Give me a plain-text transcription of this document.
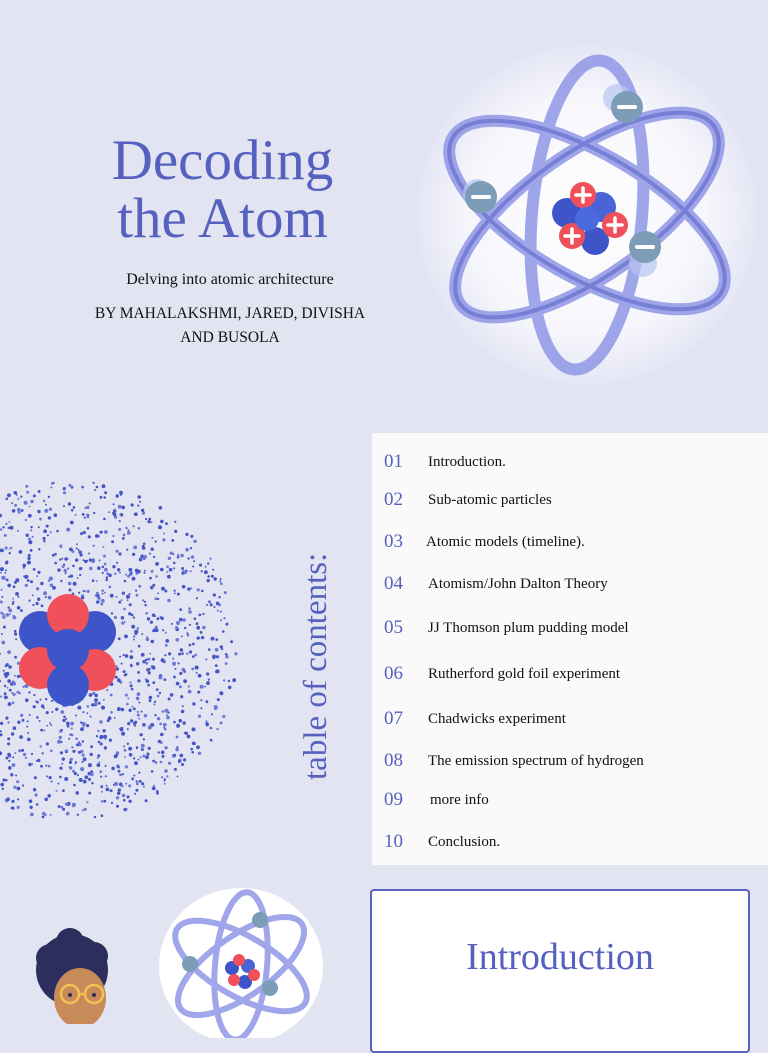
Decoding
the Atom
Delving into atomic architecture
BY MAHALAKSHMI, JARED, DIVISHA
AND BUSOLA
table of contents:
01 Introduction.
02 Sub-atomic particles
03 Atomic models (timeline).
04 Atomism/John Dalton Theory
05 JJ Thomson plum pudding model
06 Rutherford gold foil experiment
07 Chadwicks experiment
08 The emission spectrum of hydrogen
09 more info
10 Conclusion.
Introduction
